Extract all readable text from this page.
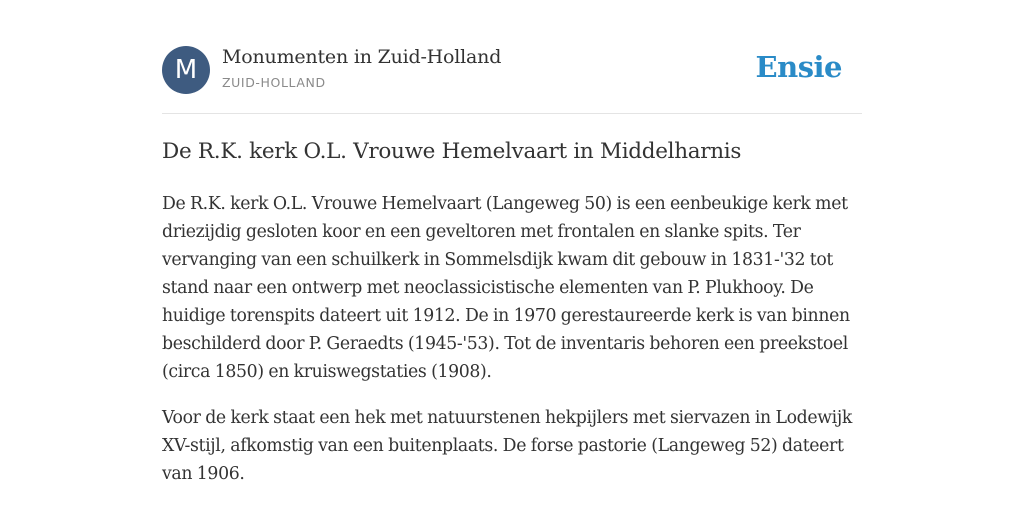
M	Monumenten in Zuid-Holland
ZUID-HOLLAND	Ensie
De R.K. kerk O.L. Vrouwe Hemelvaart in Middelharnis

De R.K. kerk O.L. Vrouwe Hemelvaart (Langeweg 50) is een eenbeukige kerk met driezijdig gesloten koor en een geveltoren met frontalen en slanke spits. Ter vervanging van een schuilkerk in Sommelsdijk kwam dit gebouw in 1831-'32 tot stand naar een ontwerp met neoclassicistische elementen van P. Plukhooy. De huidige torenspits dateert uit 1912. De in 1970 gerestaureerde kerk is van binnen beschilderd door P. Geraedts (1945-'53). Tot de inventaris behoren een preekstoel (circa 1850) en kruiswegstaties (1908).

Voor de kerk staat een hek met natuurstenen hekpijlers met siervazen in Lodewijk XV-stijl, afkomstig van een buitenplaats. De forse pastorie (Langeweg 52) dateert van 1906.
